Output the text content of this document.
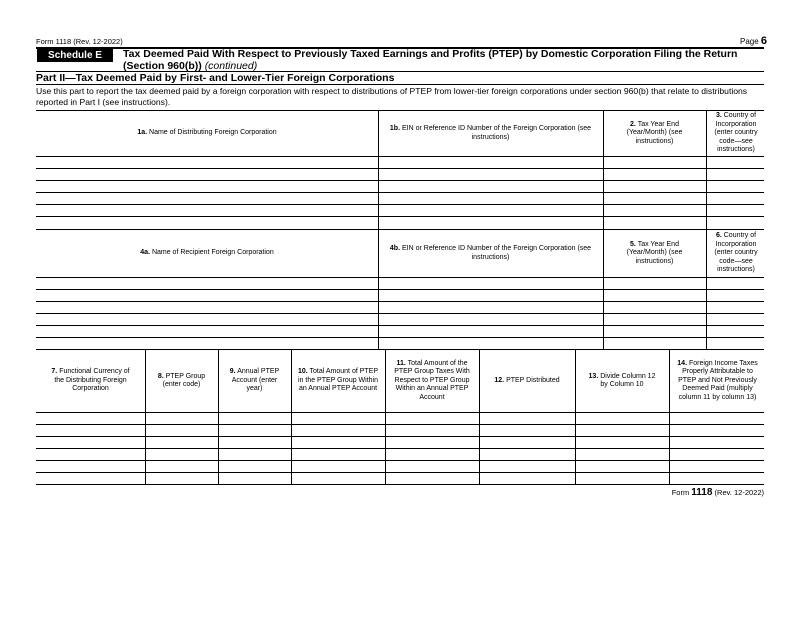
Form 1118 (Rev. 12-2022)	Page 6
Schedule E	Tax Deemed Paid With Respect to Previously Taxed Earnings and Profits (PTEP) by Domestic Corporation Filing the Return
(Section 960(b)) (continued)
Part II—Tax Deemed Paid by First- and Lower-Tier Foreign Corporations
Use this part to report the tax deemed paid by a foreign corporation with respect to distributions of PTEP from lower-tier foreign corporations under section 960(b) that relate to distributions reported in Part I (see instructions).
1a. Name of Distributing Foreign Corporation
1b. EIN or Reference ID Number of the Foreign Corporation (see instructions)
2. Tax Year End (Year/Month) (see instructions)
3. Country of Incorporation (enter country code—see instructions)
4a. Name of Recipient Foreign Corporation
4b. EIN or Reference ID Number of the Foreign Corporation (see instructions)
5. Tax Year End (Year/Month) (see instructions)
6. Country of Incorporation (enter country code—see instructions)
7. Functional Currency of the Distributing Foreign Corporation
8. PTEP Group (enter code)
9. Annual PTEP Account (enter year)
10. Total Amount of PTEP in the PTEP Group Within an Annual PTEP Account
11. Total Amount of the PTEP Group Taxes With Respect to PTEP Group Within an Annual PTEP Account
12. PTEP Distributed
13. Divide Column 12 by Column 10
14. Foreign Income Taxes Properly Attributable to PTEP and Not Previously Deemed Paid (multiply column 11 by column 13)
Form 1118 (Rev. 12-2022)
